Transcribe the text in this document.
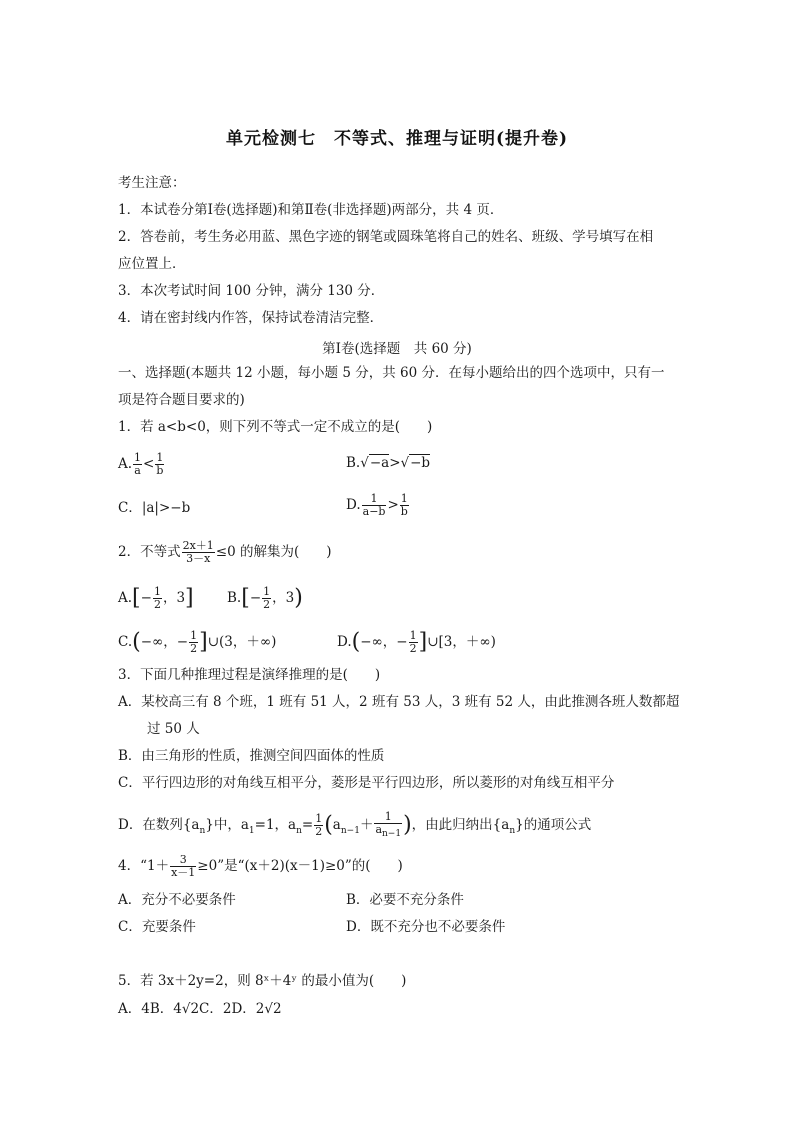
单元检测七　不等式、推理与证明(提升卷)
考生注意：
1．本试卷分第Ⅰ卷(选择题)和第Ⅱ卷(非选择题)两部分，共 4 页．
2．答卷前，考生务必用蓝、黑色字迹的钢笔或圆珠笔将自己的姓名、班级、学号填写在相
应位置上．
3．本次考试时间 100 分钟，满分 130 分．
4．请在密封线内作答，保持试卷清洁完整．
第Ⅰ卷(选择题　共 60 分)
一、选择题(本题共 12 小题，每小题 5 分，共 60 分．在每小题给出的四个选项中，只有一
项是符合题目要求的)
1．若 a<b<0，则下列不等式一定不成立的是(　　)
A. $\frac{1}{a} < \frac{1}{b}$	B.√−a>√−b
C．|a|>−b	D. $\frac{1}{a-b} > \frac{1}{b}$
2．不等式 $\frac{2x+1}{3-x} \le 0$ 的解集为(　　)
$A.[- \frac{1}{2}$ ，3] $B.[- \frac{1}{2}$ ，3)
C.(−∞，− $\frac{1}{2}$ ]∪(3，＋∞)	D.(−∞，− $\frac{1}{2}$ ]∪[3，＋∞)
3．下面几种推理过程是演绎推理的是(　　)
A．某校高三有 8 个班，1 班有 51 人，2 班有 53 人，3 班有 52 人，由此推测各班人数都超
过 50 人
B．由三角形的性质，推测空间四面体的性质
C．平行四边形的对角线互相平分，菱形是平行四边形，所以菱形的对角线互相平分
D．在数列$\{a_n\}$中，$a_1=1$，$a_n= \frac{1}{2} (a_{n-1}+ \frac{1}{a_{n-1}}$ )，由此归纳出$\{a_n\}$的通项公式
4．“$1+ \frac{3}{x-1} \ge 0$”是“(x＋2)(x－1)≥0”的(　　)
A．充分不必要条件	B．必要不充分条件
C．充要条件	D．既不充分也不必要条件
5．若 3x＋2y=2，则 8ˣ＋4ʸ 的最小值为(　　)
A．4B．4√2C．2D．2√2
